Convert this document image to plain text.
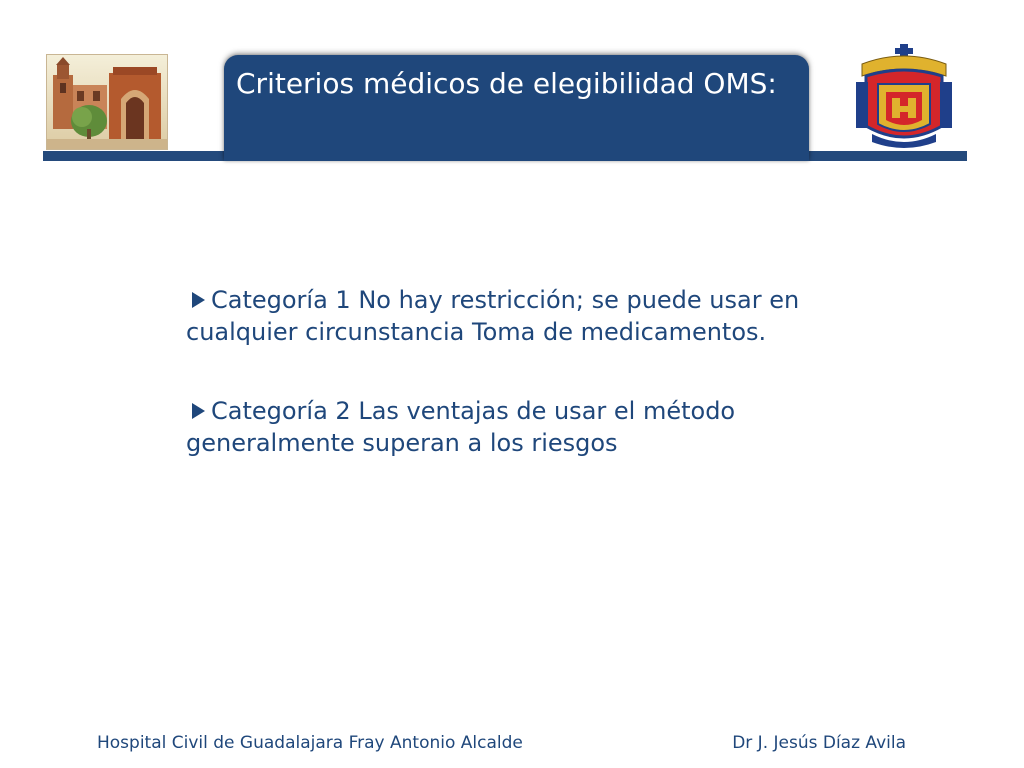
Criterios médicos de elegibilidad OMS:
Categoría 1 No hay restricción; se puede usar en cualquier circunstancia Toma de medicamentos.
Categoría 2 Las ventajas de usar el método generalmente superan a los riesgos
Hospital Civil de Guadalajara Fray Antonio Alcalde	Dr J. Jesús Díaz Avila
